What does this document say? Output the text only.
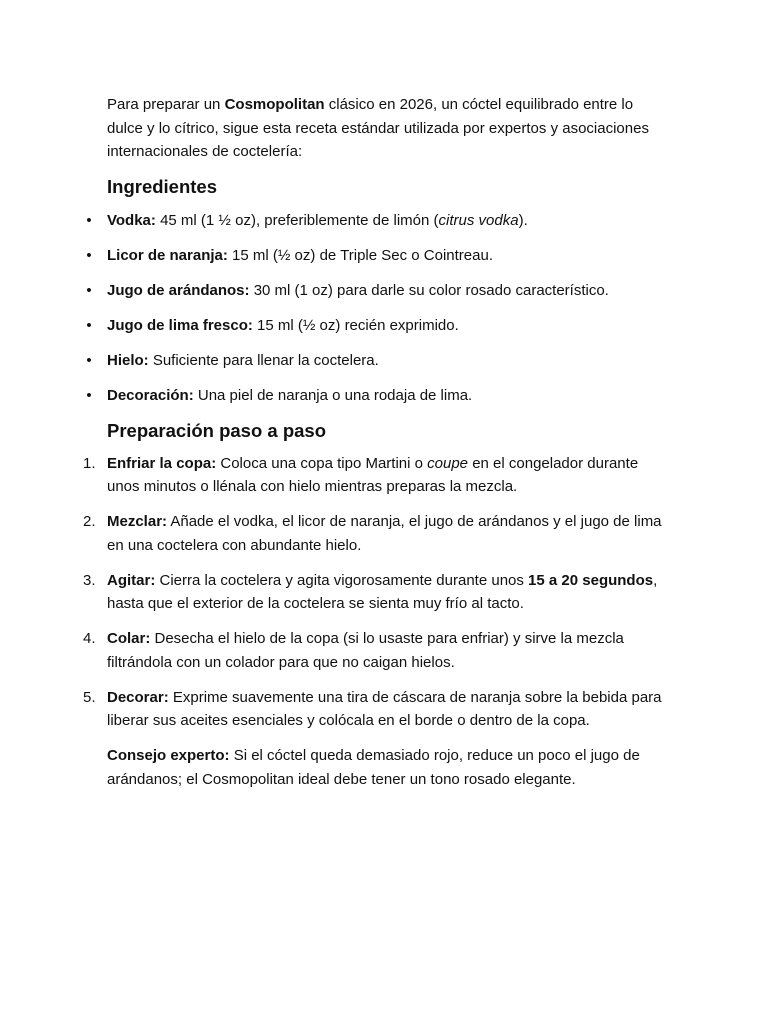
Para preparar un Cosmopolitan clásico en 2026, un cóctel equilibrado entre lo dulce y lo cítrico, sigue esta receta estándar utilizada por expertos y asociaciones internacionales de coctelería:

Ingredientes
• Vodka: 45 ml (1 ½ oz), preferiblemente de limón (citrus vodka).
• Licor de naranja: 15 ml (½ oz) de Triple Sec o Cointreau.
• Jugo de arándanos: 30 ml (1 oz) para darle su color rosado característico.
• Jugo de lima fresco: 15 ml (½ oz) recién exprimido.
• Hielo: Suficiente para llenar la coctelera.
• Decoración: Una piel de naranja o una rodaja de lima.
Preparación paso a paso
1. Enfriar la copa: Coloca una copa tipo Martini o coupe en el congelador durante unos minutos o llénala con hielo mientras preparas la mezcla.
2. Mezclar: Añade el vodka, el licor de naranja, el jugo de arándanos y el jugo de lima en una coctelera con abundante hielo.
3. Agitar: Cierra la coctelera y agita vigorosamente durante unos 15 a 20 segundos, hasta que el exterior de la coctelera se sienta muy frío al tacto.
4. Colar: Desecha el hielo de la copa (si lo usaste para enfriar) y sirve la mezcla filtrándola con un colador para que no caigan hielos.
5. Decorar: Exprime suavemente una tira de cáscara de naranja sobre la bebida para liberar sus aceites esenciales y colócala en el borde o dentro de la copa.

Consejo experto: Si el cóctel queda demasiado rojo, reduce un poco el jugo de arándanos; el Cosmopolitan ideal debe tener un tono rosado elegante.
